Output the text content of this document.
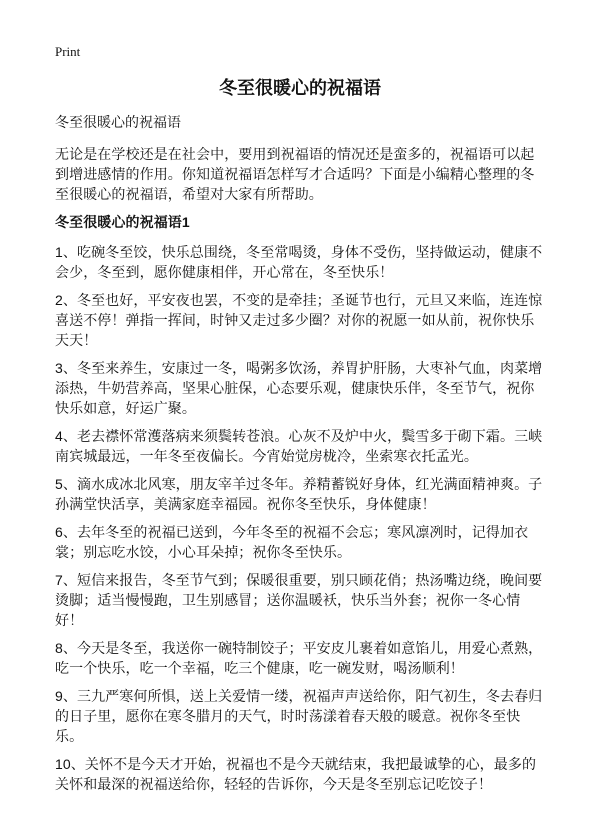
Print
冬至很暖心的祝福语
冬至很暖心的祝福语

无论是在学校还是在社会中，要用到祝福语的情况还是蛮多的，祝福语可以起到增进感情的作用。你知道祝福语怎样写才合适吗？下面是小编精心整理的冬至很暖心的祝福语，希望对大家有所帮助。

冬至很暖心的祝福语1

1、吃碗冬至饺，快乐总围绕，冬至常喝烫，身体不受伤，坚持做运动，健康不会少，冬至到，愿你健康相伴，开心常在，冬至快乐！

2、冬至也好，平安夜也罢，不变的是牵挂；圣诞节也行，元旦又来临，连连惊喜送不停！弹指一挥间，时钟又走过多少圈？对你的祝愿一如从前，祝你快乐天天！

3、冬至来养生，安康过一冬，喝粥多饮汤，养胃护肝肠，大枣补气血，肉菜增添热，牛奶营养高，坚果心脏保，心态要乐观，健康快乐伴，冬至节气，祝你快乐如意，好运广聚。

4、老去襟怀常濩落病来须鬓转苍浪。心灰不及炉中火，鬓雪多于砌下霜。三峡南宾城最远，一年冬至夜偏长。今宵始觉房栊冷，坐索寒衣托孟光。

5、滴水成冰北风寒，朋友宰羊过冬年。养精蓄锐好身体，红光满面精神爽。子孙满堂快活享，美满家庭幸福园。祝你冬至快乐，身体健康！

6、去年冬至的祝福已送到，今年冬至的祝福不会忘；寒风凛冽时，记得加衣裳；别忘吃水饺，小心耳朵掉；祝你冬至快乐。

7、短信来报告，冬至节气到；保暖很重要，别只顾花俏；热汤嘴边绕，晚间要烫脚；适当慢慢跑，卫生别感冒；送你温暖袄，快乐当外套；祝你一冬心情好！

8、今天是冬至，我送你一碗特制饺子；平安皮儿裹着如意馅儿，用爱心煮熟，吃一个快乐，吃一个幸福，吃三个健康，吃一碗发财，喝汤顺利！

9、三九严寒何所惧，送上关爱情一缕，祝福声声送给你，阳气初生，冬去春归的日子里，愿你在寒冬腊月的天气，时时荡漾着春天般的暖意。祝你冬至快乐。

10、关怀不是今天才开始，祝福也不是今天就结束，我把最诚挚的心，最多的关怀和最深的祝福送给你，轻轻的告诉你，今天是冬至别忘记吃饺子！
